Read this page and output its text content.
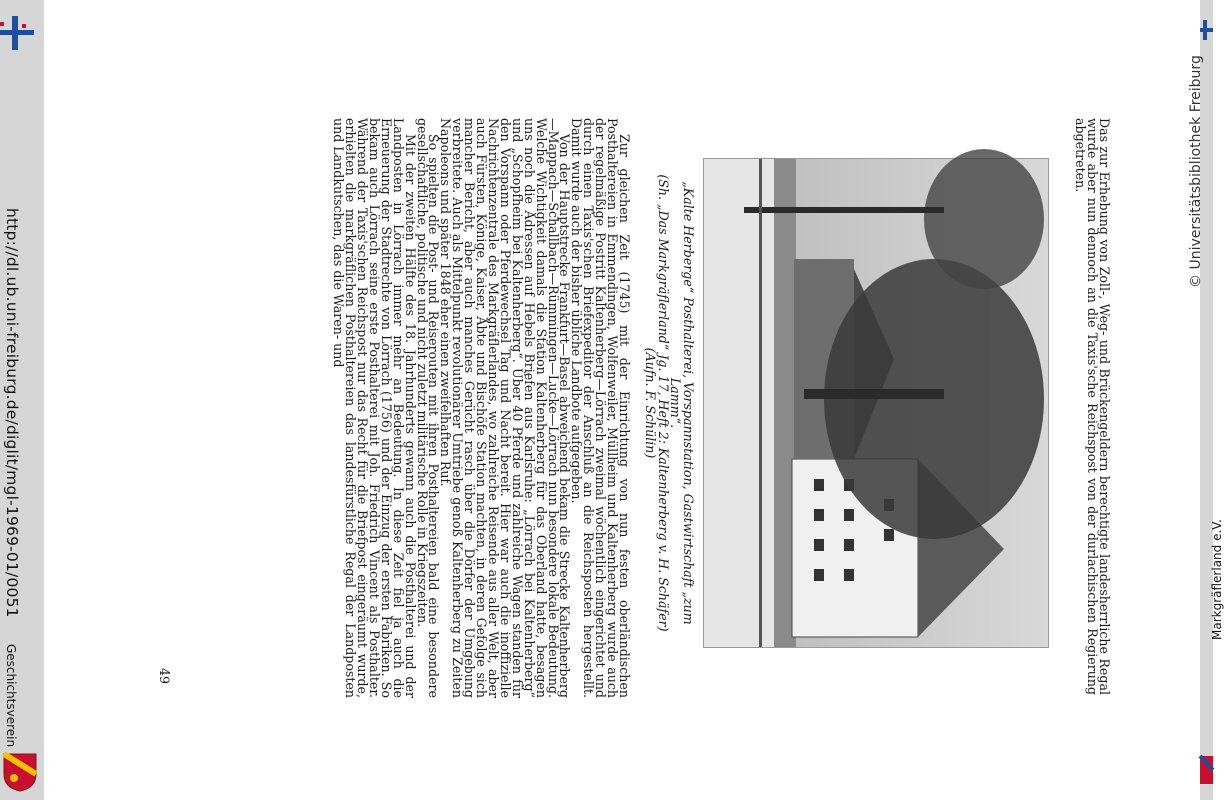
http://dl.ub.uni-freiburg.de/diglit/mgl-1969-01/0051
Geschichtsverein
Markgräflerland e.V.
© Universitätsbibliothek Freiburg

Das zur Erhebung von Zoll-, Weg- und Brückengeldern berechtigte landesherrliche Regal wurde aber nun dennoch an die Taxis'sche Reichspost von der durlachischen Regierung abgetreten.

„Kalte Herberge“ Posthalterei, Vorspannstation, Gastwirtschaft „zum Lamm“.
(Sh. „Das Markgräflerland“ Jg. 17, Heft 2: Kaltenherberg v. H. Schäfer)
(Aufn. F. Schülin)

Zur gleichen Zeit (1745) mit der Einrichtung von nun festen oberländischen Posthaltereien in Emmendingen, Wolfenweiler, Müllheim und Kaltenherberg wurde auch der regelmäßige Postritt Kaltenherberg—Lörrach zweimal wöchentlich eingerichtet und durch einen Taxis'schen Briefexpeditor der Anschluß an die Reichsposten hergestellt. Damit wurde auch der bisher übliche Landbote aufgegeben.

Von der Hauptstrecke Frankfurt—Basel abweichend bekam die Strecke Kaltenherberg—Mappach—Schallbach—Rümmingen—Lucke—Lörrach nun besondere lokale Bedeutung. Welche Wichtigkeit damals die Station Kaltenherberg für das Oberland hatte, besagen uns noch die Adressen auf Hebels Briefen aus Karlsruhe: „Lörrach bei Kaltenherberg“ und „Schopfheim bei Kaltenherberg“. Über 40 Pferde und zahlreiche Wagen standen für den Vorspann oder Pferdewechsel Tag und Nacht bereit. Hier war auch die inoffizielle Nachrichtenzentrale des Markgräflerlandes, wo zahlreiche Reisende aus aller Welt, aber auch Fürsten, Könige, Kaiser, Äbte und Bischöfe Station machten, in deren Gefolge sich mancher Bericht, aber auch manches Gerücht rasch über die Dörfer der Umgebung verbreitete. Auch als Mittelpunkt revolutionärer Umtriebe genoß Kaltenherberg zu Zeiten Napoleons und später 1848 eher einen zweifelhaften Ruf.

So spielten die Post- und Reiserouten mit ihren Posthaltereien bald eine besondere gesellschaftliche, politische und nicht zuletzt militärische Rolle in Kriegszeiten.

Mit der zweiten Hälfte des 18. Jahrhunderts gewann auch die Posthalterei und der Landposten in Lörrach immer mehr an Bedeutung. In diese Zeit fiel ja auch die Erneuerung der Stadtrechte von Lörrach (1756) und der Einzug der ersten Fabriken. So bekam auch Lörrach seine erste Posthalterei mit Joh. Friedrich Vincent als Posthalter. Während der Taxis'schen Reichspost nur das Recht für die Briefpost eingeräumt wurde, erhielten die markgräflichen Posthaltereien das landesfürstliche Regal der Landposten und Landkutschen, das die Waren- und

49
